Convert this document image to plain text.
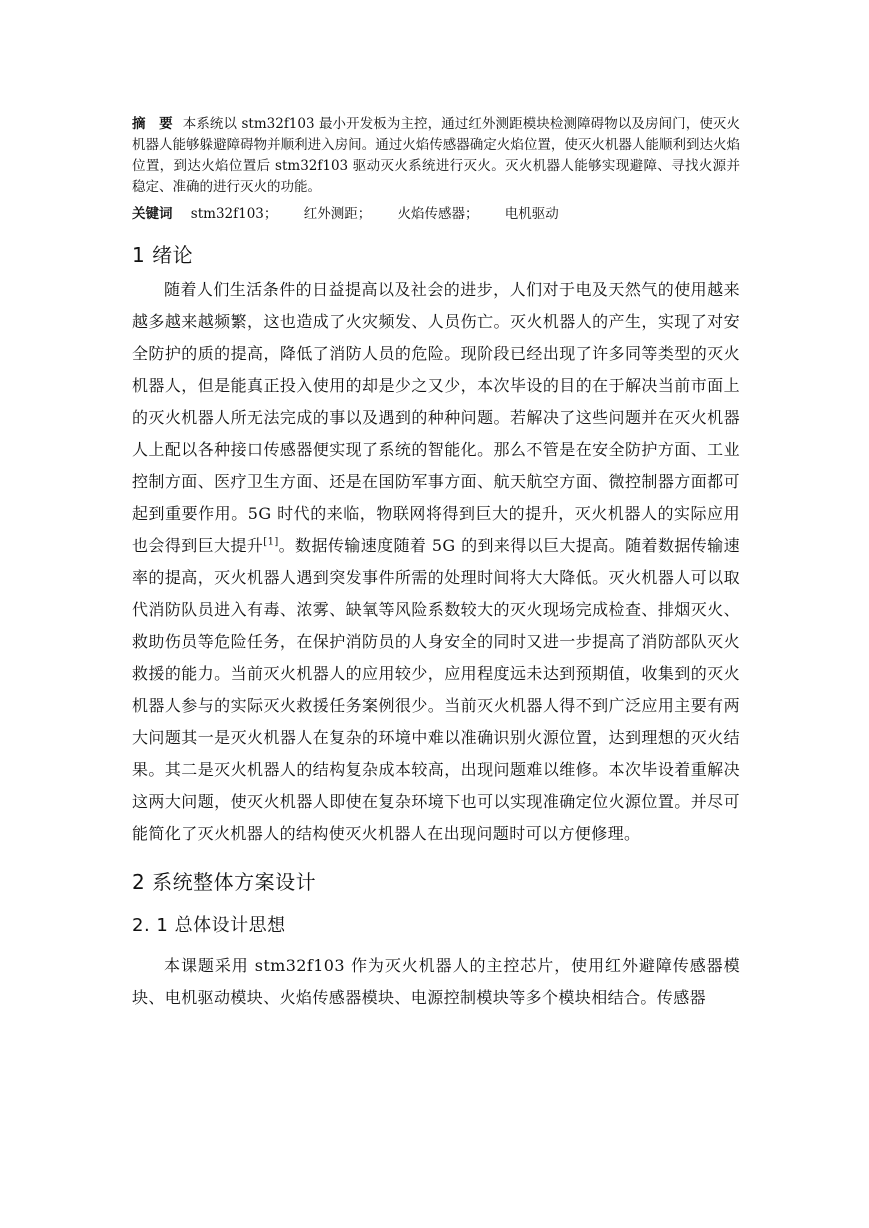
摘　要 本系统以 stm32f103 最小开发板为主控，通过红外测距模块检测障碍物以及房间门，使灭火机器人能够躲避障碍物并顺利进入房间。通过火焰传感器确定火焰位置，使灭火机器人能顺利到达火焰位置，到达火焰位置后 stm32f103 驱动灭火系统进行灭火。灭火机器人能够实现避障、寻找火源并稳定、准确的进行灭火的功能。

关键词 stm32f103； 红外测距； 火焰传感器； 电机驱动

1 绪论

随着人们生活条件的日益提高以及社会的进步，人们对于电及天然气的使用越来越多越来越频繁，这也造成了火灾频发、人员伤亡。灭火机器人的产生，实现了对安全防护的质的提高，降低了消防人员的危险。现阶段已经出现了许多同等类型的灭火机器人，但是能真正投入使用的却是少之又少，本次毕设的目的在于解决当前市面上的灭火机器人所无法完成的事以及遇到的种种问题。若解决了这些问题并在灭火机器人上配以各种接口传感器便实现了系统的智能化。那么不管是在安全防护方面、工业控制方面、医疗卫生方面、还是在国防军事方面、航天航空方面、微控制器方面都可起到重要作用。5G 时代的来临，物联网将得到巨大的提升，灭火机器人的实际应用也会得到巨大提升[1]。数据传输速度随着 5G 的到来得以巨大提高。随着数据传输速率的提高，灭火机器人遇到突发事件所需的处理时间将大大降低。灭火机器人可以取代消防队员进入有毒、浓雾、缺氧等风险系数较大的灭火现场完成检查、排烟灭火、救助伤员等危险任务，在保护消防员的人身安全的同时又进一步提高了消防部队灭火救援的能力。当前灭火机器人的应用较少，应用程度远未达到预期值，收集到的灭火机器人参与的实际灭火救援任务案例很少。当前灭火机器人得不到广泛应用主要有两大问题其一是灭火机器人在复杂的环境中难以准确识别火源位置，达到理想的灭火结果。其二是灭火机器人的结构复杂成本较高，出现问题难以维修。本次毕设着重解决这两大问题，使灭火机器人即使在复杂环境下也可以实现准确定位火源位置。并尽可能简化了灭火机器人的结构使灭火机器人在出现问题时可以方便修理。

2 系统整体方案设计
2. 1 总体设计思想

本课题采用 stm32f103 作为灭火机器人的主控芯片，使用红外避障传感器模块、电机驱动模块、火焰传感器模块、电源控制模块等多个模块相结合。传感器
